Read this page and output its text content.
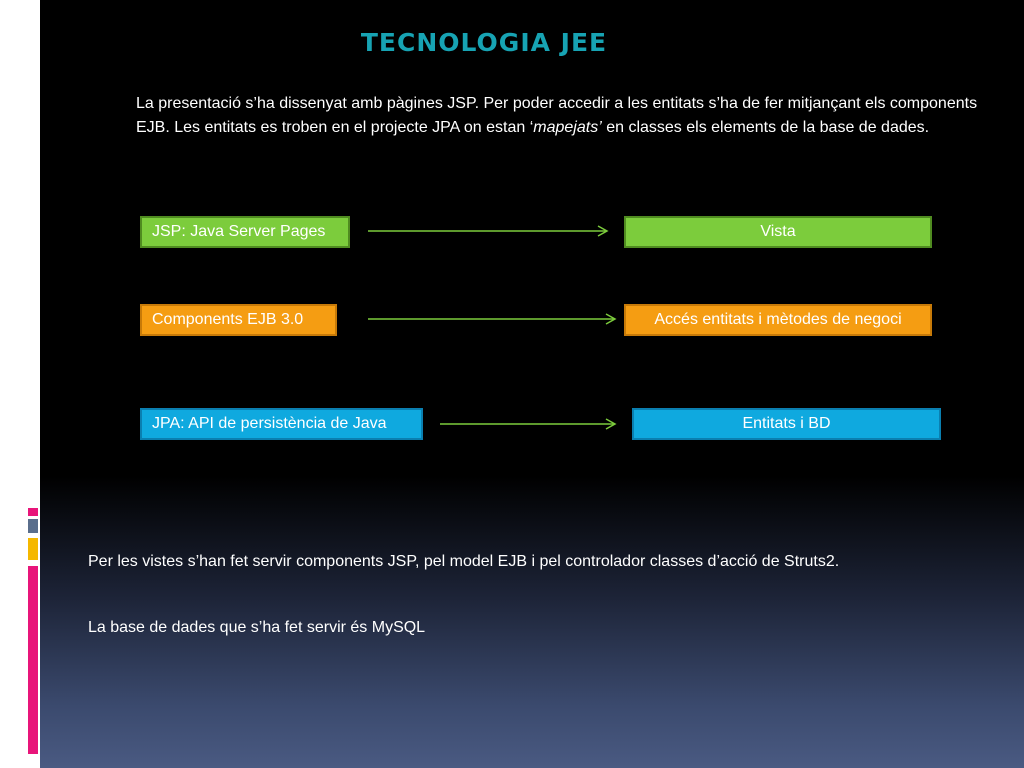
TECNOLOGIA JEE
La presentació s’ha dissenyat amb pàgines JSP. Per poder accedir a les entitats s’ha de fer mitjançant els components EJB. Les entitats es troben en el projecte JPA on estan ‘mapejats’ en classes els elements de la base de dades.
JSP: Java Server Pages	Vista
Components EJB 3.0	Accés entitats i mètodes de negoci
JPA: API de persistència de Java	Entitats i BD
Per les vistes s’han fet servir components JSP, pel model EJB i pel controlador classes d’acció de Struts2.
La base de dades que s’ha fet servir és MySQL
